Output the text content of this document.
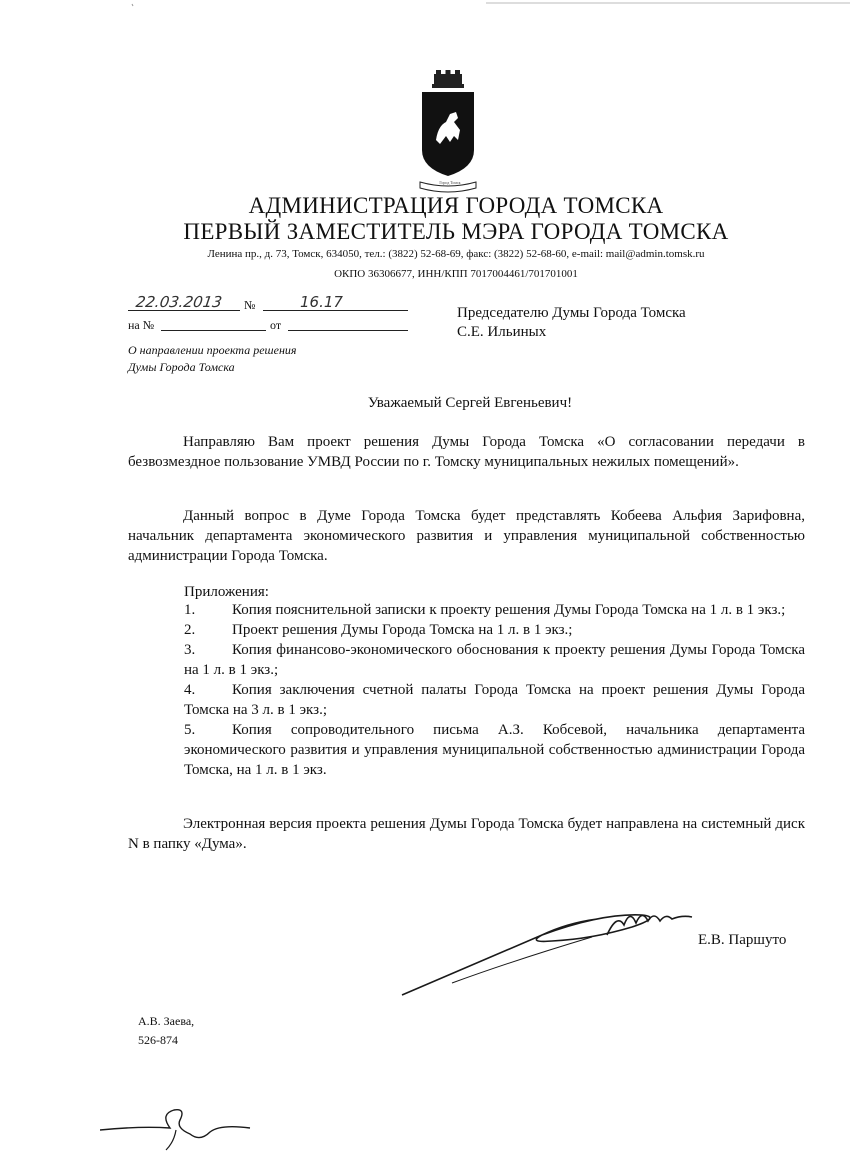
Город Томск
АДМИНИСТРАЦИЯ ГОРОДА ТОМСКА
ПЕРВЫЙ ЗАМЕСТИТЕЛЬ МЭРА ГОРОДА ТОМСКА
Ленина пр., д. 73, Томск, 634050, тел.: (3822) 52-68-69, факс: (3822) 52-68-60, e-mail: mail@admin.tomsk.ru
ОКПО 36306677, ИНН/КПП 7017004461/701701001
22.03.2013 №	16.17
на №	от
Председателю Думы Города Томска
С.Е. Ильиных
О направлении проекта решения
Думы Города Томска
Уважаемый Сергей Евгеньевич!
Направляю Вам проект решения Думы Города Томска «О согласовании передачи в безвозмездное пользование УМВД России по г. Томску муниципальных нежилых помещений».
Данный вопрос в Думе Города Томска будет представлять Кобеева Альфия Зарифовна, начальник департамента экономического развития и управления муниципальной собственностью администрации Города Томска.
Приложения:
1. Копия пояснительной записки к проекту решения Думы Города Томска на 1 л. в 1 экз.;
2. Проект решения Думы Города Томска на 1 л. в 1 экз.;
3. Копия финансово-экономического обоснования к проекту решения Думы Города Томска на 1 л. в 1 экз.;
4. Копия заключения счетной палаты Города Томска на проект решения Думы Города Томска на 3 л. в 1 экз.;
5. Копия сопроводительного письма А.З. Кобсевой, начальника департамента экономического развития и управления муниципальной собственностью администрации Города Томска, на 1 л. в 1 экз.
Электронная версия проекта решения Думы Города Томска будет направлена на системный диск N в папку «Дума».
Е.В. Паршуто
А.В. Заева,
526-874
